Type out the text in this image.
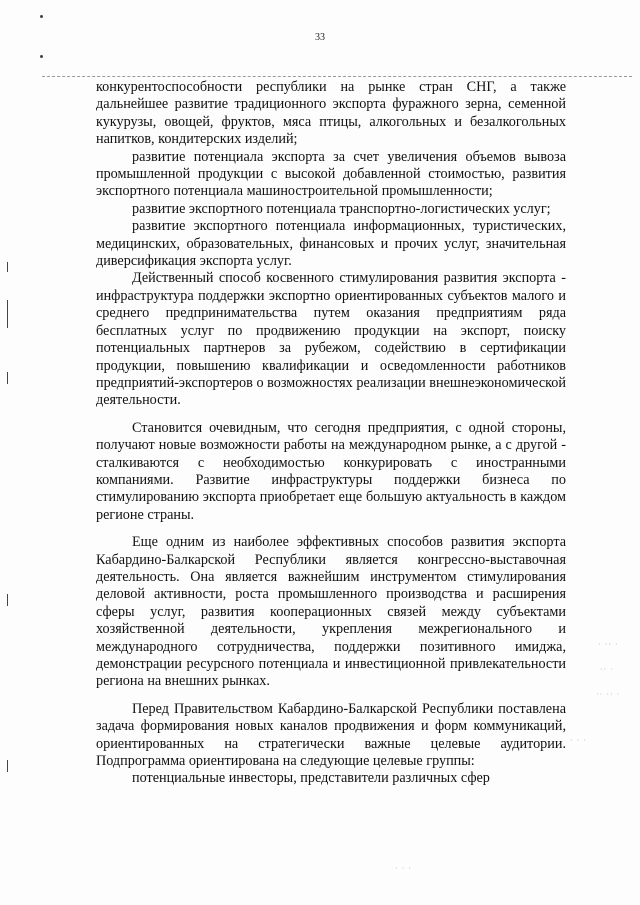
33
· ·· ·
·· ·
·· ·· ·
· · ·
· · ·

конкурентоспособности республики на рынке стран СНГ, а также дальнейшее развитие традиционного экспорта фуражного зерна, семенной кукурузы, овощей, фруктов, мяса птицы, алкогольных и безалкогольных напитков, кондитерских изделий;

развитие потенциала экспорта за счет увеличения объемов вывоза промышленной продукции с высокой добавленной стоимостью, развития экспортного потенциала машиностроительной промышленности;

развитие экспортного потенциала транспортно-логистических услуг;

развитие экспортного потенциала информационных, туристических, медицинских, образовательных, финансовых и прочих услуг, значительная диверсификация экспорта услуг.

Действенный способ косвенного стимулирования развития экспорта - инфраструктура поддержки экспортно ориентированных субъектов малого и среднего предпринимательства путем оказания предприятиям ряда бесплатных услуг по продвижению продукции на экспорт, поиску потенциальных партнеров за рубежом, содействию в сертификации продукции, повышению квалификации и осведомленности работников предприятий-экспортеров о возможностях реализации внешнеэкономической деятельности.

Становится очевидным, что сегодня предприятия, с одной стороны, получают новые возможности работы на международном рынке, а с другой - сталкиваются с необходимостью конкурировать с иностранными компаниями. Развитие инфраструктуры поддержки бизнеса по стимулированию экспорта приобретает еще большую актуальность в каждом регионе страны.

Еще одним из наиболее эффективных способов развития экспорта Кабардино-Балкарской Республики является конгрессно-выставочная деятельность. Она является важнейшим инструментом стимулирования деловой активности, роста промышленного производства и расширения сферы услуг, развития кооперационных связей между субъектами хозяйственной деятельности, укрепления межрегионального и международного сотрудничества, поддержки позитивного имиджа, демонстрации ресурсного потенциала и инвестиционной привлекательности региона на внешних рынках.

Перед Правительством Кабардино-Балкарской Республики поставлена задача формирования новых каналов продвижения и форм коммуникаций, ориентированных на стратегически важные целевые аудитории. Подпрограмма ориентирована на следующие целевые группы:

потенциальные инвесторы, представители различных сфер
